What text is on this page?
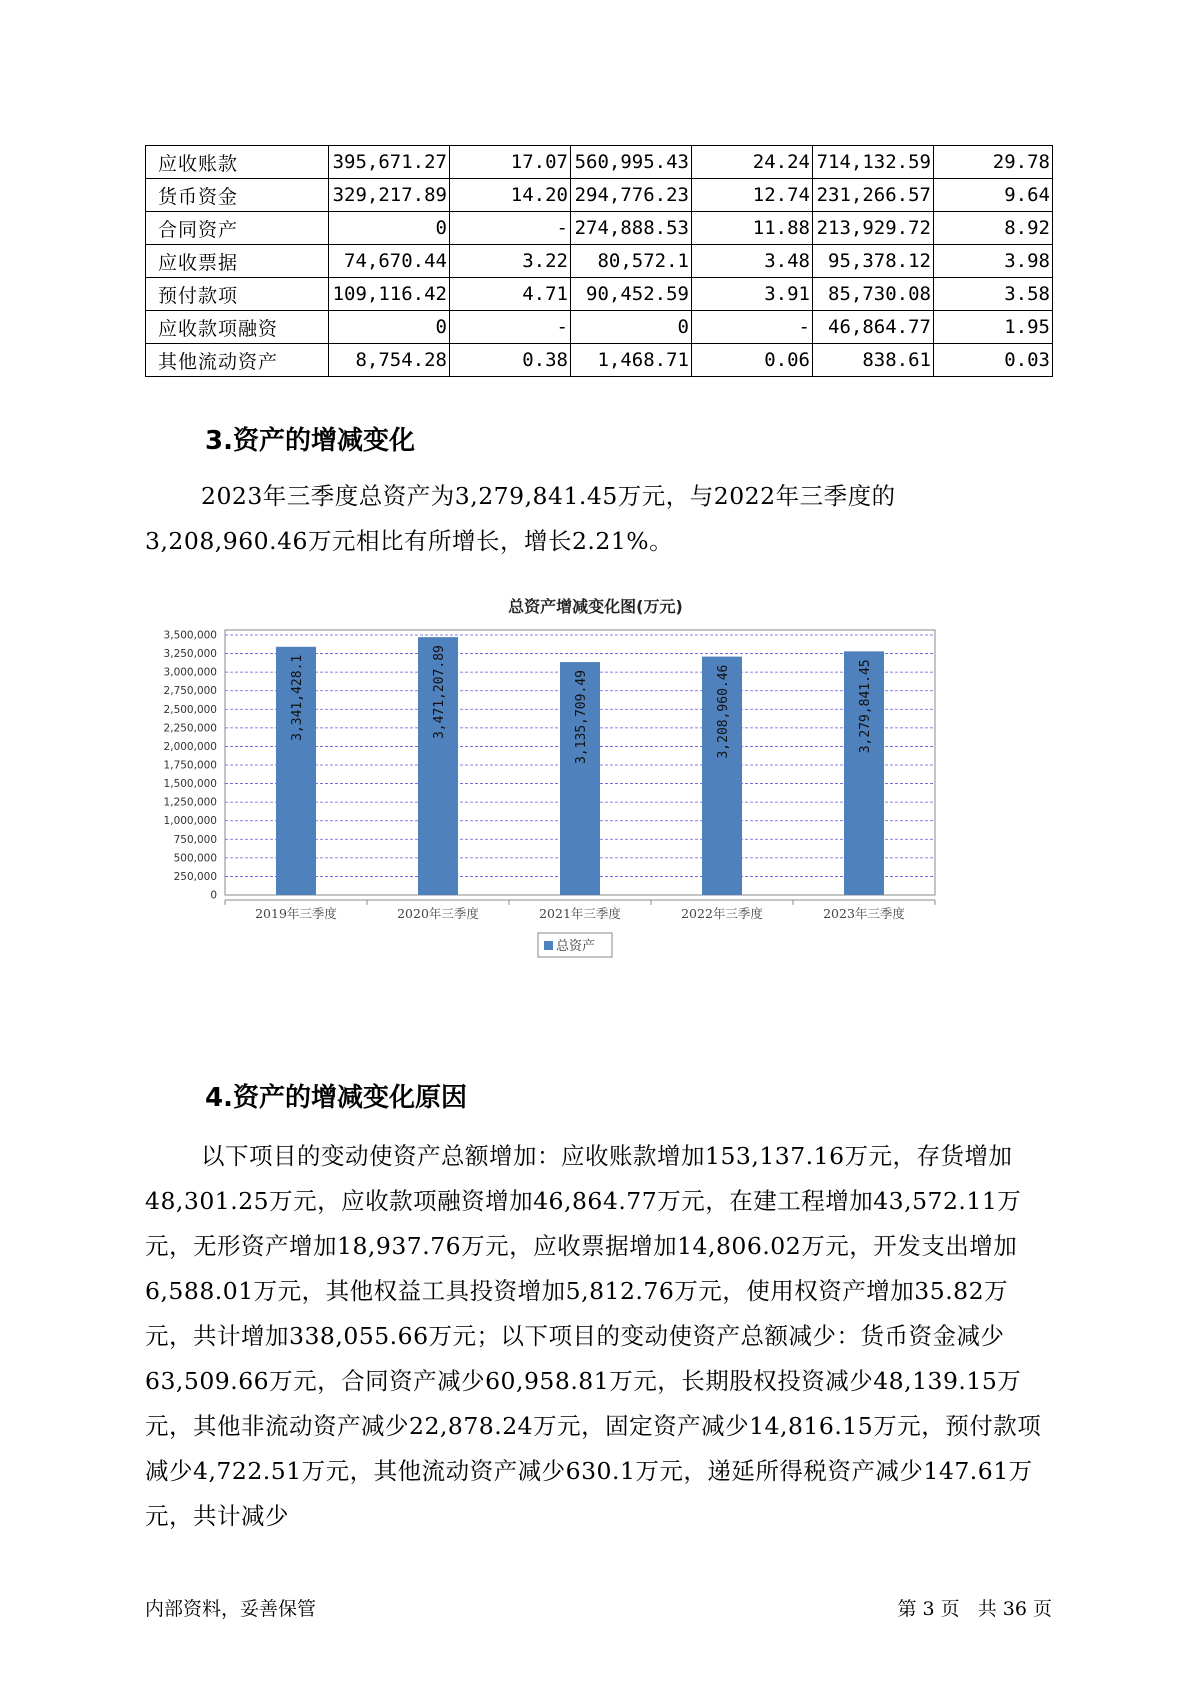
应收账款	395,671.27	17.07	560,995.43	24.24	714,132.59	29.78
货币资金	329,217.89	14.20	294,776.23	12.74	231,266.57	9.64
合同资产	0	-	274,888.53	11.88	213,929.72	8.92
应收票据	74,670.44	3.22	80,572.1	3.48	95,378.12	3.98
预付款项	109,116.42	4.71	90,452.59	3.91	85,730.08	3.58
应收款项融资	0	-	0	-	46,864.77	1.95
其他流动资产	8,754.28	0.38	1,468.71	0.06	838.61	0.03
3.资产的增减变化

2023年三季度总资产为3,279,841.45万元，与2022年三季度的3,208,960.46万元相比有所增长，增长2.21%。

总资产增减变化图(万元)
0
250,000
500,000
750,000
1,000,000
1,250,000
1,500,000
1,750,000
2,000,000
2,250,000
2,500,000
2,750,000
3,000,000
3,250,000
3,500,000
3,341,428.1	3,471,207.89	3,135,709.49	3,208,960.46	3,279,841.45
2019年三季度	2020年三季度	2021年三季度	2022年三季度	2023年三季度
总资产
4.资产的增减变化原因

以下项目的变动使资产总额增加：应收账款增加153,137.16万元，存货增加48,301.25万元，应收款项融资增加46,864.77万元，在建工程增加43,572.11万元，无形资产增加18,937.76万元，应收票据增加14,806.02万元，开发支出增加6,588.01万元，其他权益工具投资增加5,812.76万元，使用权资产增加35.82万元，共计增加338,055.66万元；以下项目的变动使资产总额减少：货币资金减少63,509.66万元，合同资产减少60,958.81万元，长期股权投资减少48,139.15万元，其他非流动资产减少22,878.24万元，固定资产减少14,816.15万元，预付款项减少4,722.51万元，其他流动资产减少630.1万元，递延所得税资产减少147.61万元，共计减少

内部资料，妥善保管	第 3 页   共 36 页
